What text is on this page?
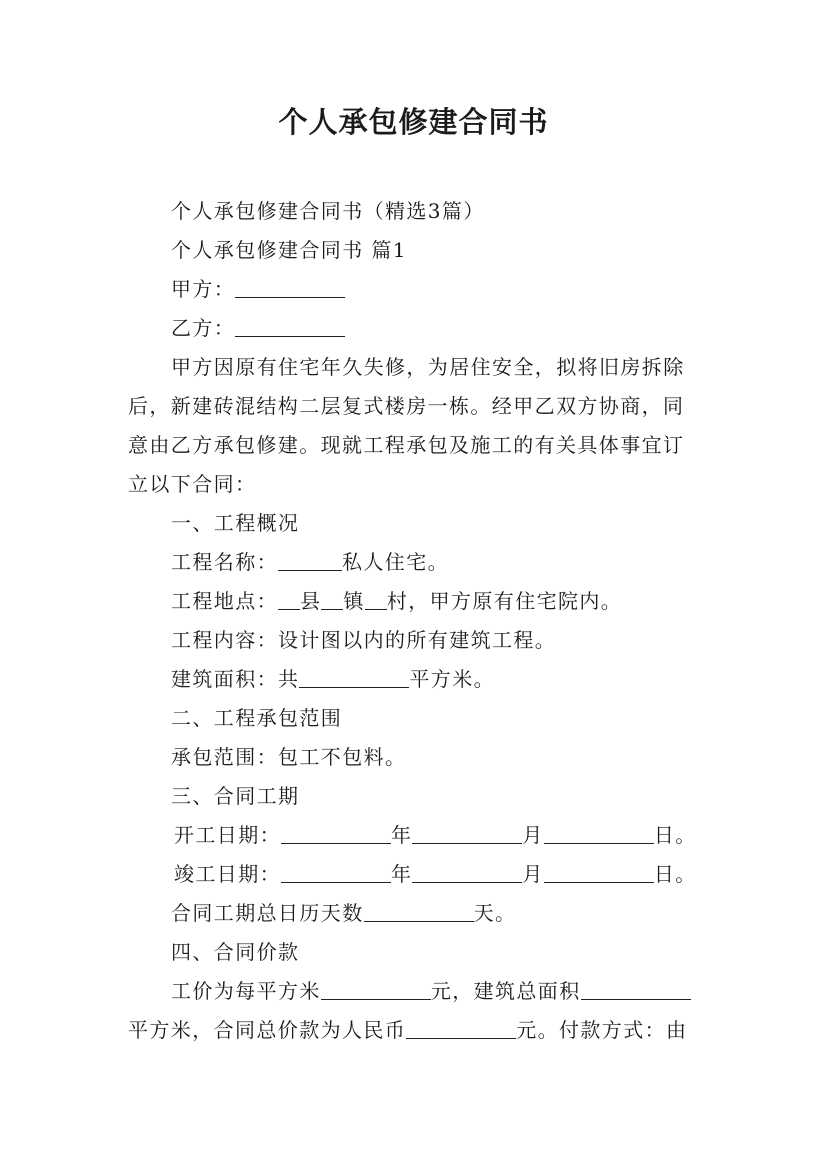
个人承包修建合同书
个人承包修建合同书（精选3篇）
个人承包修建合同书 篇1
甲方：
乙方：
甲方因原有住宅年久失修，为居住安全，拟将旧房拆除
后，新建砖混结构二层复式楼房一栋。经甲乙双方协商，同
意由乙方承包修建。现就工程承包及施工的有关具体事宜订
立以下合同：
一、工程概况
工程名称：	私人住宅。
工程地点： 县 镇 村，甲方原有住宅院内。
工程内容：设计图以内的所有建筑工程。
建筑面积：共	平方米。
二、工程承包范围
承包范围：包工不包料。
三、合同工期
开工日期：	年	月	日。
竣工日期：	年	月	日。
合同工期总日历天数	天。
四、合同价款
工价为每平方米	元，建筑总面积
平方米，合同总价款为人民币	元。付款方式：由
